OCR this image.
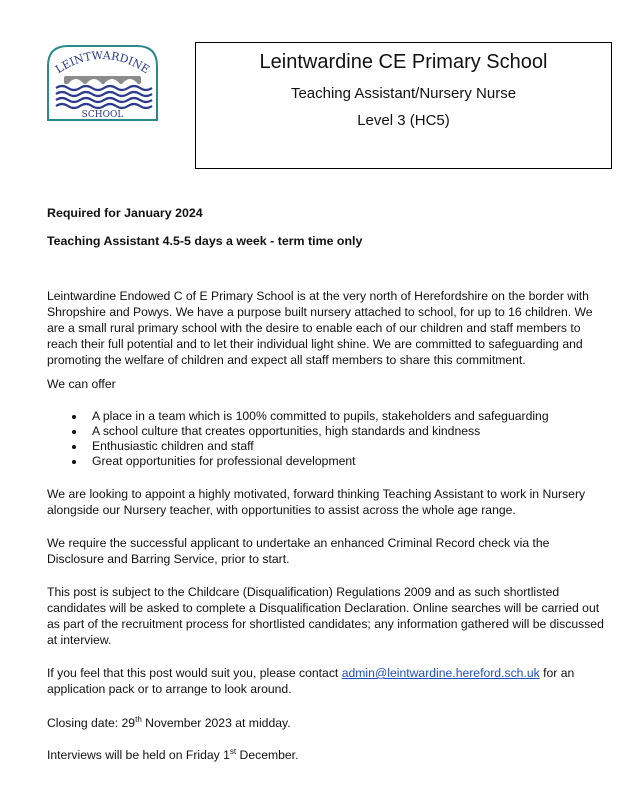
LEINTWARDINE
SCHOOL
Leintwardine CE Primary School
Teaching Assistant/Nursery Nurse
Level 3 (HC5)

Required for January 2024

Teaching Assistant 4.5-5 days a week - term time only

Leintwardine Endowed C of E Primary School is at the very north of Herefordshire on the border with Shropshire and Powys. We have a purpose built nursery attached to school, for up to 16 children. We are a small rural primary school with the desire to enable each of our children and staff members to reach their full potential and to let their individual light shine. We are committed to safeguarding and promoting the welfare of children and expect all staff members to share this commitment.

We can offer

• A place in a team which is 100% committed to pupils, stakeholders and safeguarding
• A school culture that creates opportunities, high standards and kindness
• Enthusiastic children and staff
• Great opportunities for professional development

We are looking to appoint a highly motivated, forward thinking Teaching Assistant to work in Nursery alongside our Nursery teacher, with opportunities to assist across the whole age range.

We require the successful applicant to undertake an enhanced Criminal Record check via the Disclosure and Barring Service, prior to start.

This post is subject to the Childcare (Disqualification) Regulations 2009 and as such shortlisted candidates will be asked to complete a Disqualification Declaration. Online searches will be carried out as part of the recruitment process for shortlisted candidates; any information gathered will be discussed at interview.

If you feel that this post would suit you, please contact admin@leintwardine.hereford.sch.uk for an application pack or to arrange to look around.

Closing date: 29th November 2023 at midday.

Interviews will be held on Friday 1st December.
